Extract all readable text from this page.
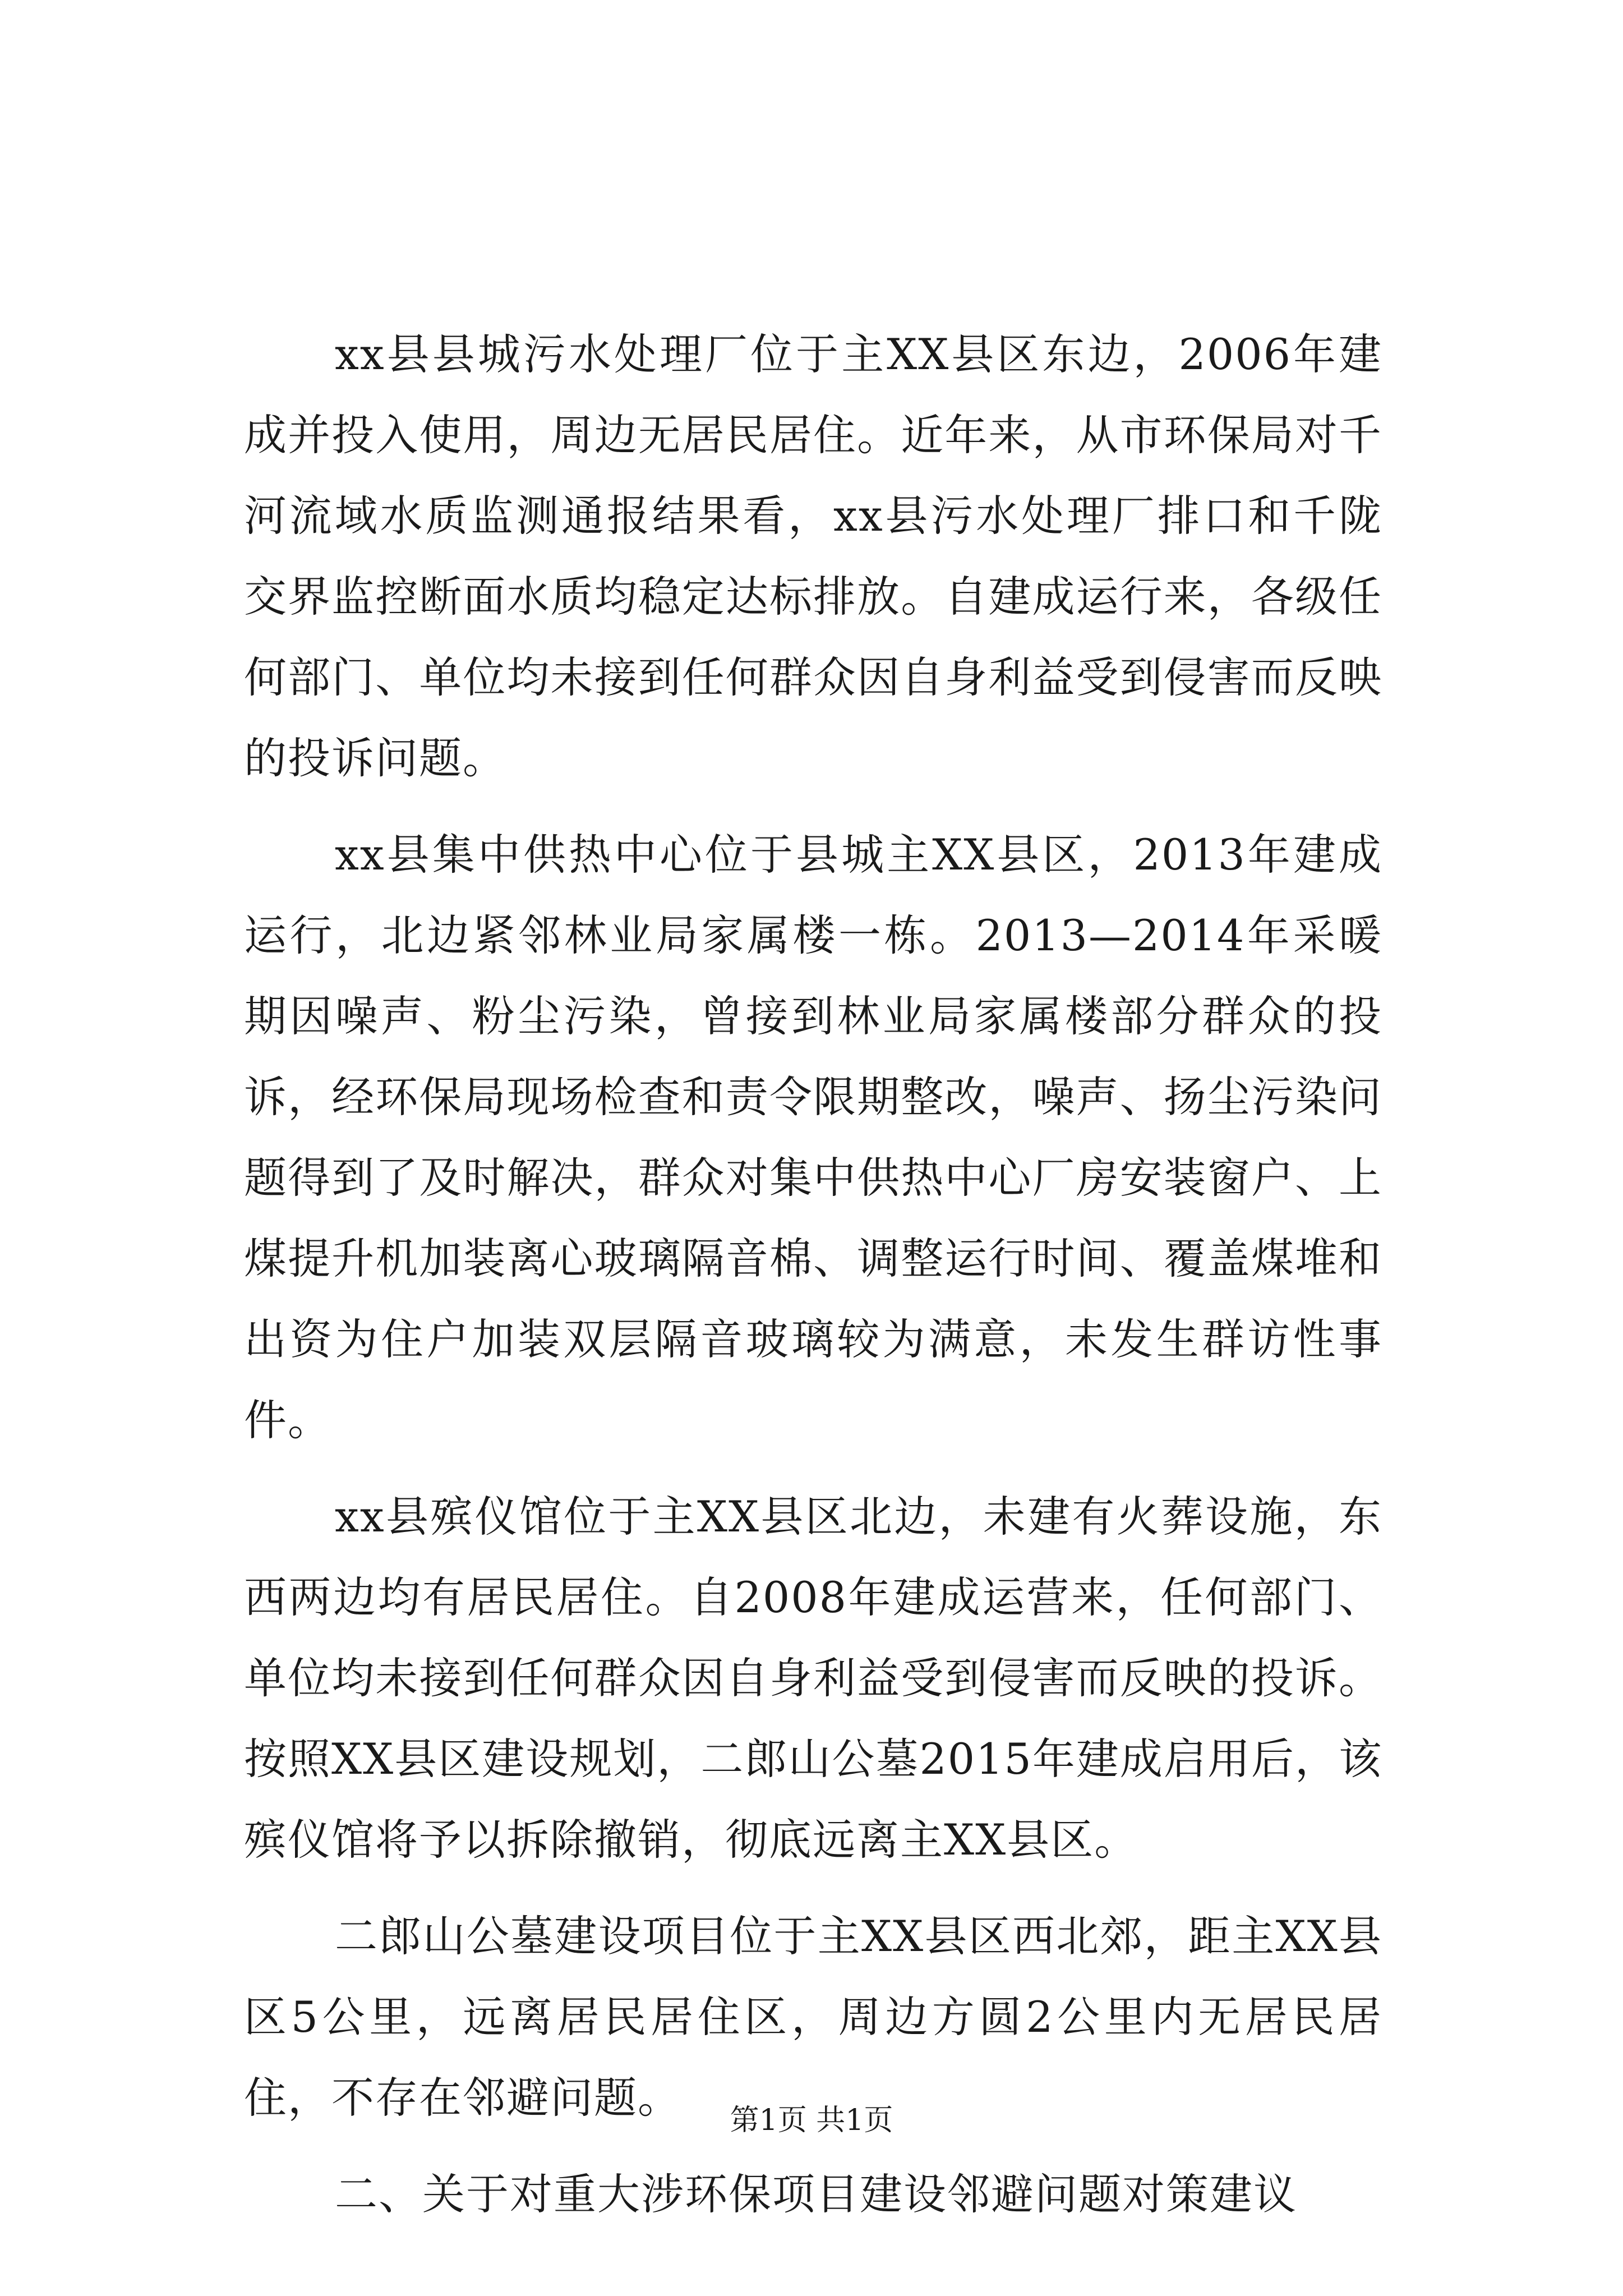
xx县县城污水处理厂位于主XX县区东边，2006年建成并投入使用，周边无居民居住。近年来，从市环保局对千河流域水质监测通报结果看，xx县污水处理厂排口和千陇交界监控断面水质均稳定达标排放。自建成运行来，各级任何部门、单位均未接到任何群众因自身利益受到侵害而反映的投诉问题。

xx县集中供热中心位于县城主XX县区，2013年建成运行，北边紧邻林业局家属楼一栋。2013—2014年采暖期因噪声、粉尘污染，曾接到林业局家属楼部分群众的投诉，经环保局现场检查和责令限期整改，噪声、扬尘污染问题得到了及时解决，群众对集中供热中心厂房安装窗户、上煤提升机加装离心玻璃隔音棉、调整运行时间、覆盖煤堆和出资为住户加装双层隔音玻璃较为满意，未发生群访性事件。

xx县殡仪馆位于主XX县区北边，未建有火葬设施，东西两边均有居民居住。自2008年建成运营来，任何部门、单位均未接到任何群众因自身利益受到侵害而反映的投诉。按照XX县区建设规划，二郎山公墓2015年建成启用后，该殡仪馆将予以拆除撤销，彻底远离主XX县区。

二郎山公墓建设项目位于主XX县区西北郊，距主XX县区5公里，远离居民居住区，周边方圆2公里内无居民居住，不存在邻避问题。

二、关于对重大涉环保项目建设邻避问题对策建议

第1页 共1页
